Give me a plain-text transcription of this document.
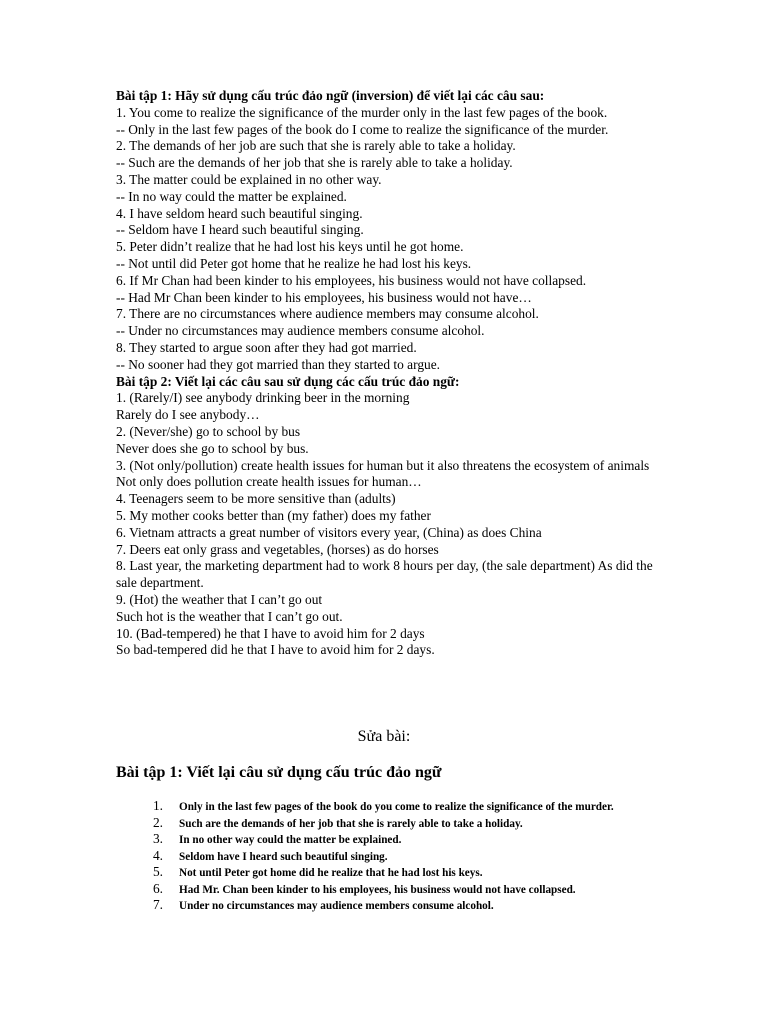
Bài tập 1: Hãy sử dụng cấu trúc đảo ngữ (inversion) để viết lại các câu sau:

1. You come to realize the significance of the murder only in the last few pages of the book.

-- Only in the last few pages of the book do I come to realize the significance of the murder.

2. The demands of her job are such that she is rarely able to take a holiday.

-- Such are the demands of her job that she is rarely able to take a holiday.

3. The matter could be explained in no other way.

-- In no way could the matter be explained.

4. I have seldom heard such beautiful singing.

-- Seldom have I heard such beautiful singing.

5. Peter didn’t realize that he had lost his keys until he got home.

-- Not until did Peter got home that he realize he had lost his keys.

6. If Mr Chan had been kinder to his employees, his business would not have collapsed.

-- Had Mr Chan been kinder to his employees, his business would not have…

7. There are no circumstances where audience members may consume alcohol.

-- Under no circumstances may audience members consume alcohol.

8. They started to argue soon after they had got married.

-- No sooner had they got married than they started to argue.

Bài tập 2: Viết lại các câu sau sử dụng các cấu trúc đảo ngữ:

1. (Rarely/I) see anybody drinking beer in the morning

Rarely do I see anybody…

2. (Never/she) go to school by bus

Never does she go to school by bus.

3. (Not only/pollution) create health issues for human but it also threatens the ecosystem of animals

Not only does pollution create health issues for human…

4. Teenagers seem to be more sensitive than (adults)

5. My mother cooks better than (my father) does my father

6. Vietnam attracts a great number of visitors every year, (China) as does China

7. Deers eat only grass and vegetables, (horses) as do horses

8. Last year, the marketing department had to work 8 hours per day, (the sale department) As did the sale department.

9. (Hot) the weather that I can’t go out

Such hot is the weather that I can’t go out.

10. (Bad-tempered) he that I have to avoid him for 2 days

So bad-tempered did he that I have to avoid him for 2 days.

Sửa bài:
Bài tập 1: Viết lại câu sử dụng cấu trúc đảo ngữ
1. Only in the last few pages of the book do you come to realize the significance of the murder.
2. Such are the demands of her job that she is rarely able to take a holiday.
3. In no other way could the matter be explained.
4. Seldom have I heard such beautiful singing.
5. Not until Peter got home did he realize that he had lost his keys.
6. Had Mr. Chan been kinder to his employees, his business would not have collapsed.
7. Under no circumstances may audience members consume alcohol.
